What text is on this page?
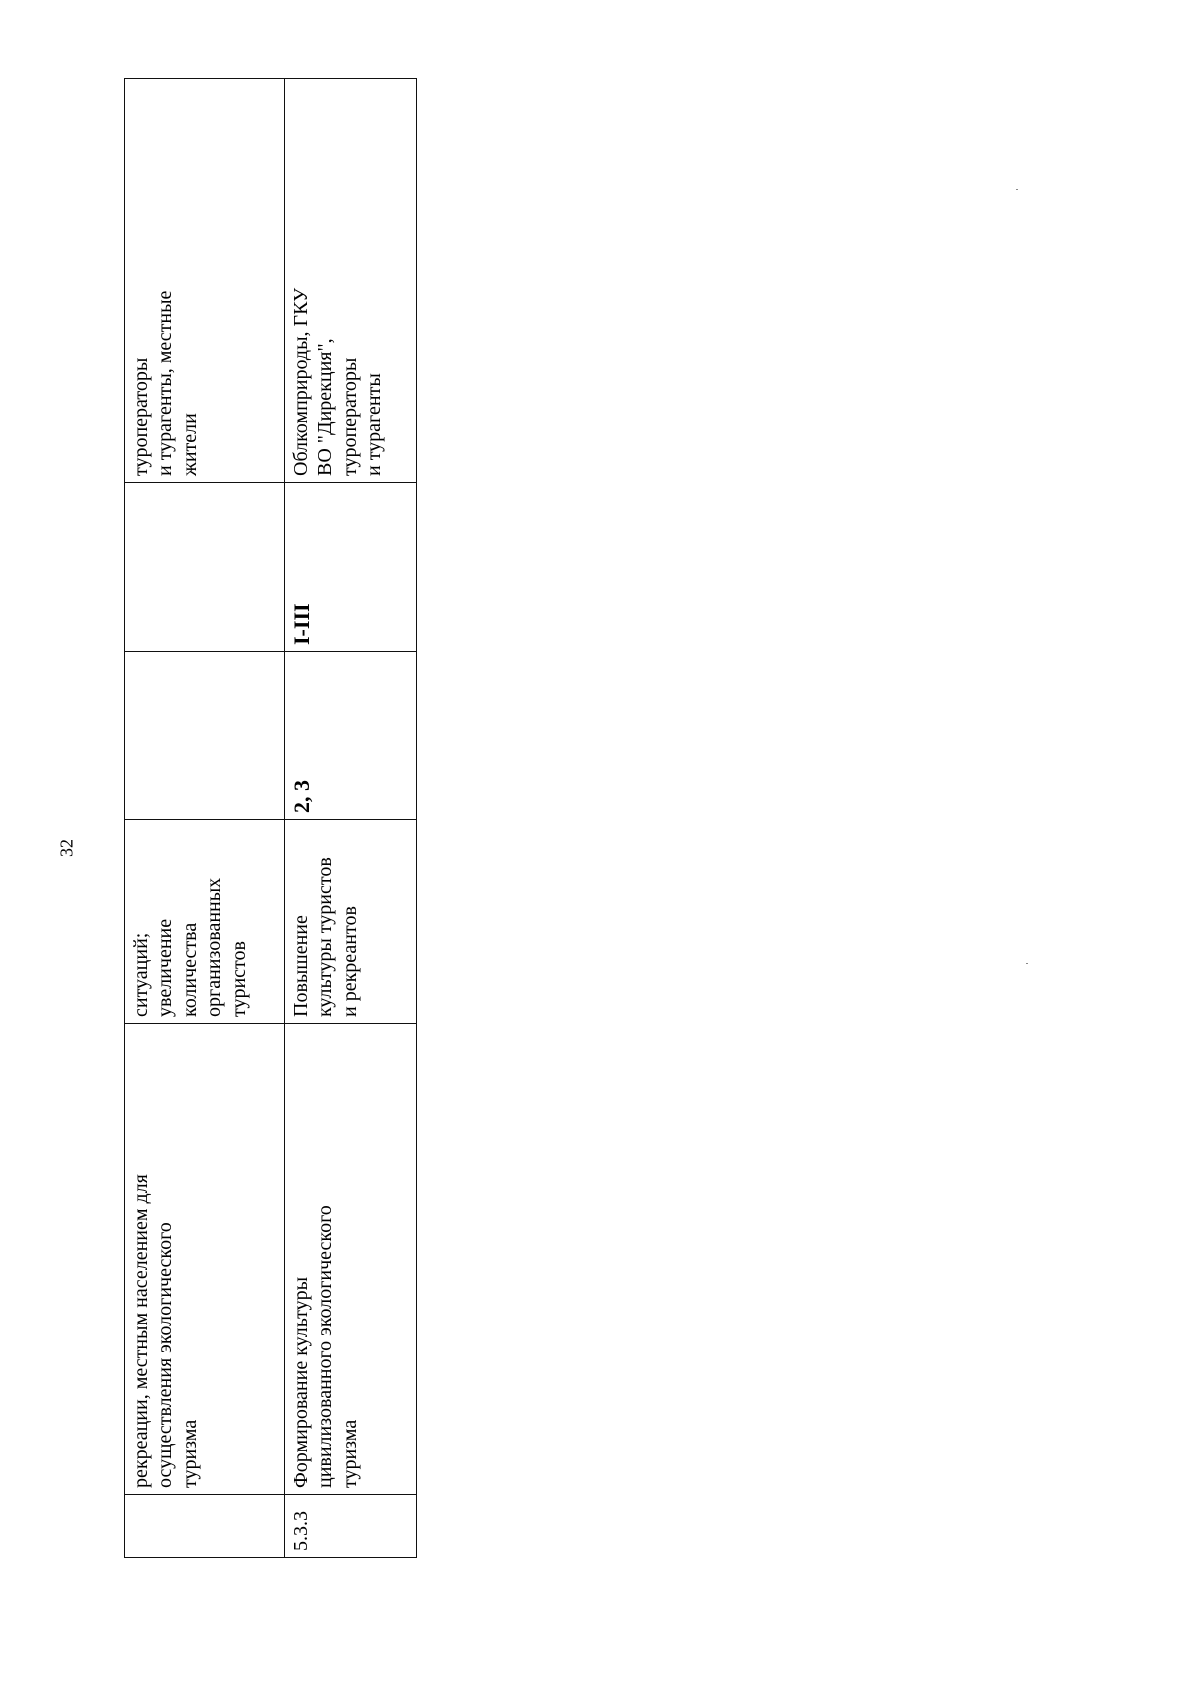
32
	рекреации, местным населением для
осуществления экологического
туризма	ситуаций;
увеличение
количества
организованных
туристов			туроператоры
и турагенты, местные
жители
5.3.3	Формирование культуры
цивилизованного экологического
туризма	Повышение
культуры туристов
и рекреантов	2, 3	I-III	Облкомприроды, ГКУ
ВО "Дирекция",
туроператоры
и турагенты
